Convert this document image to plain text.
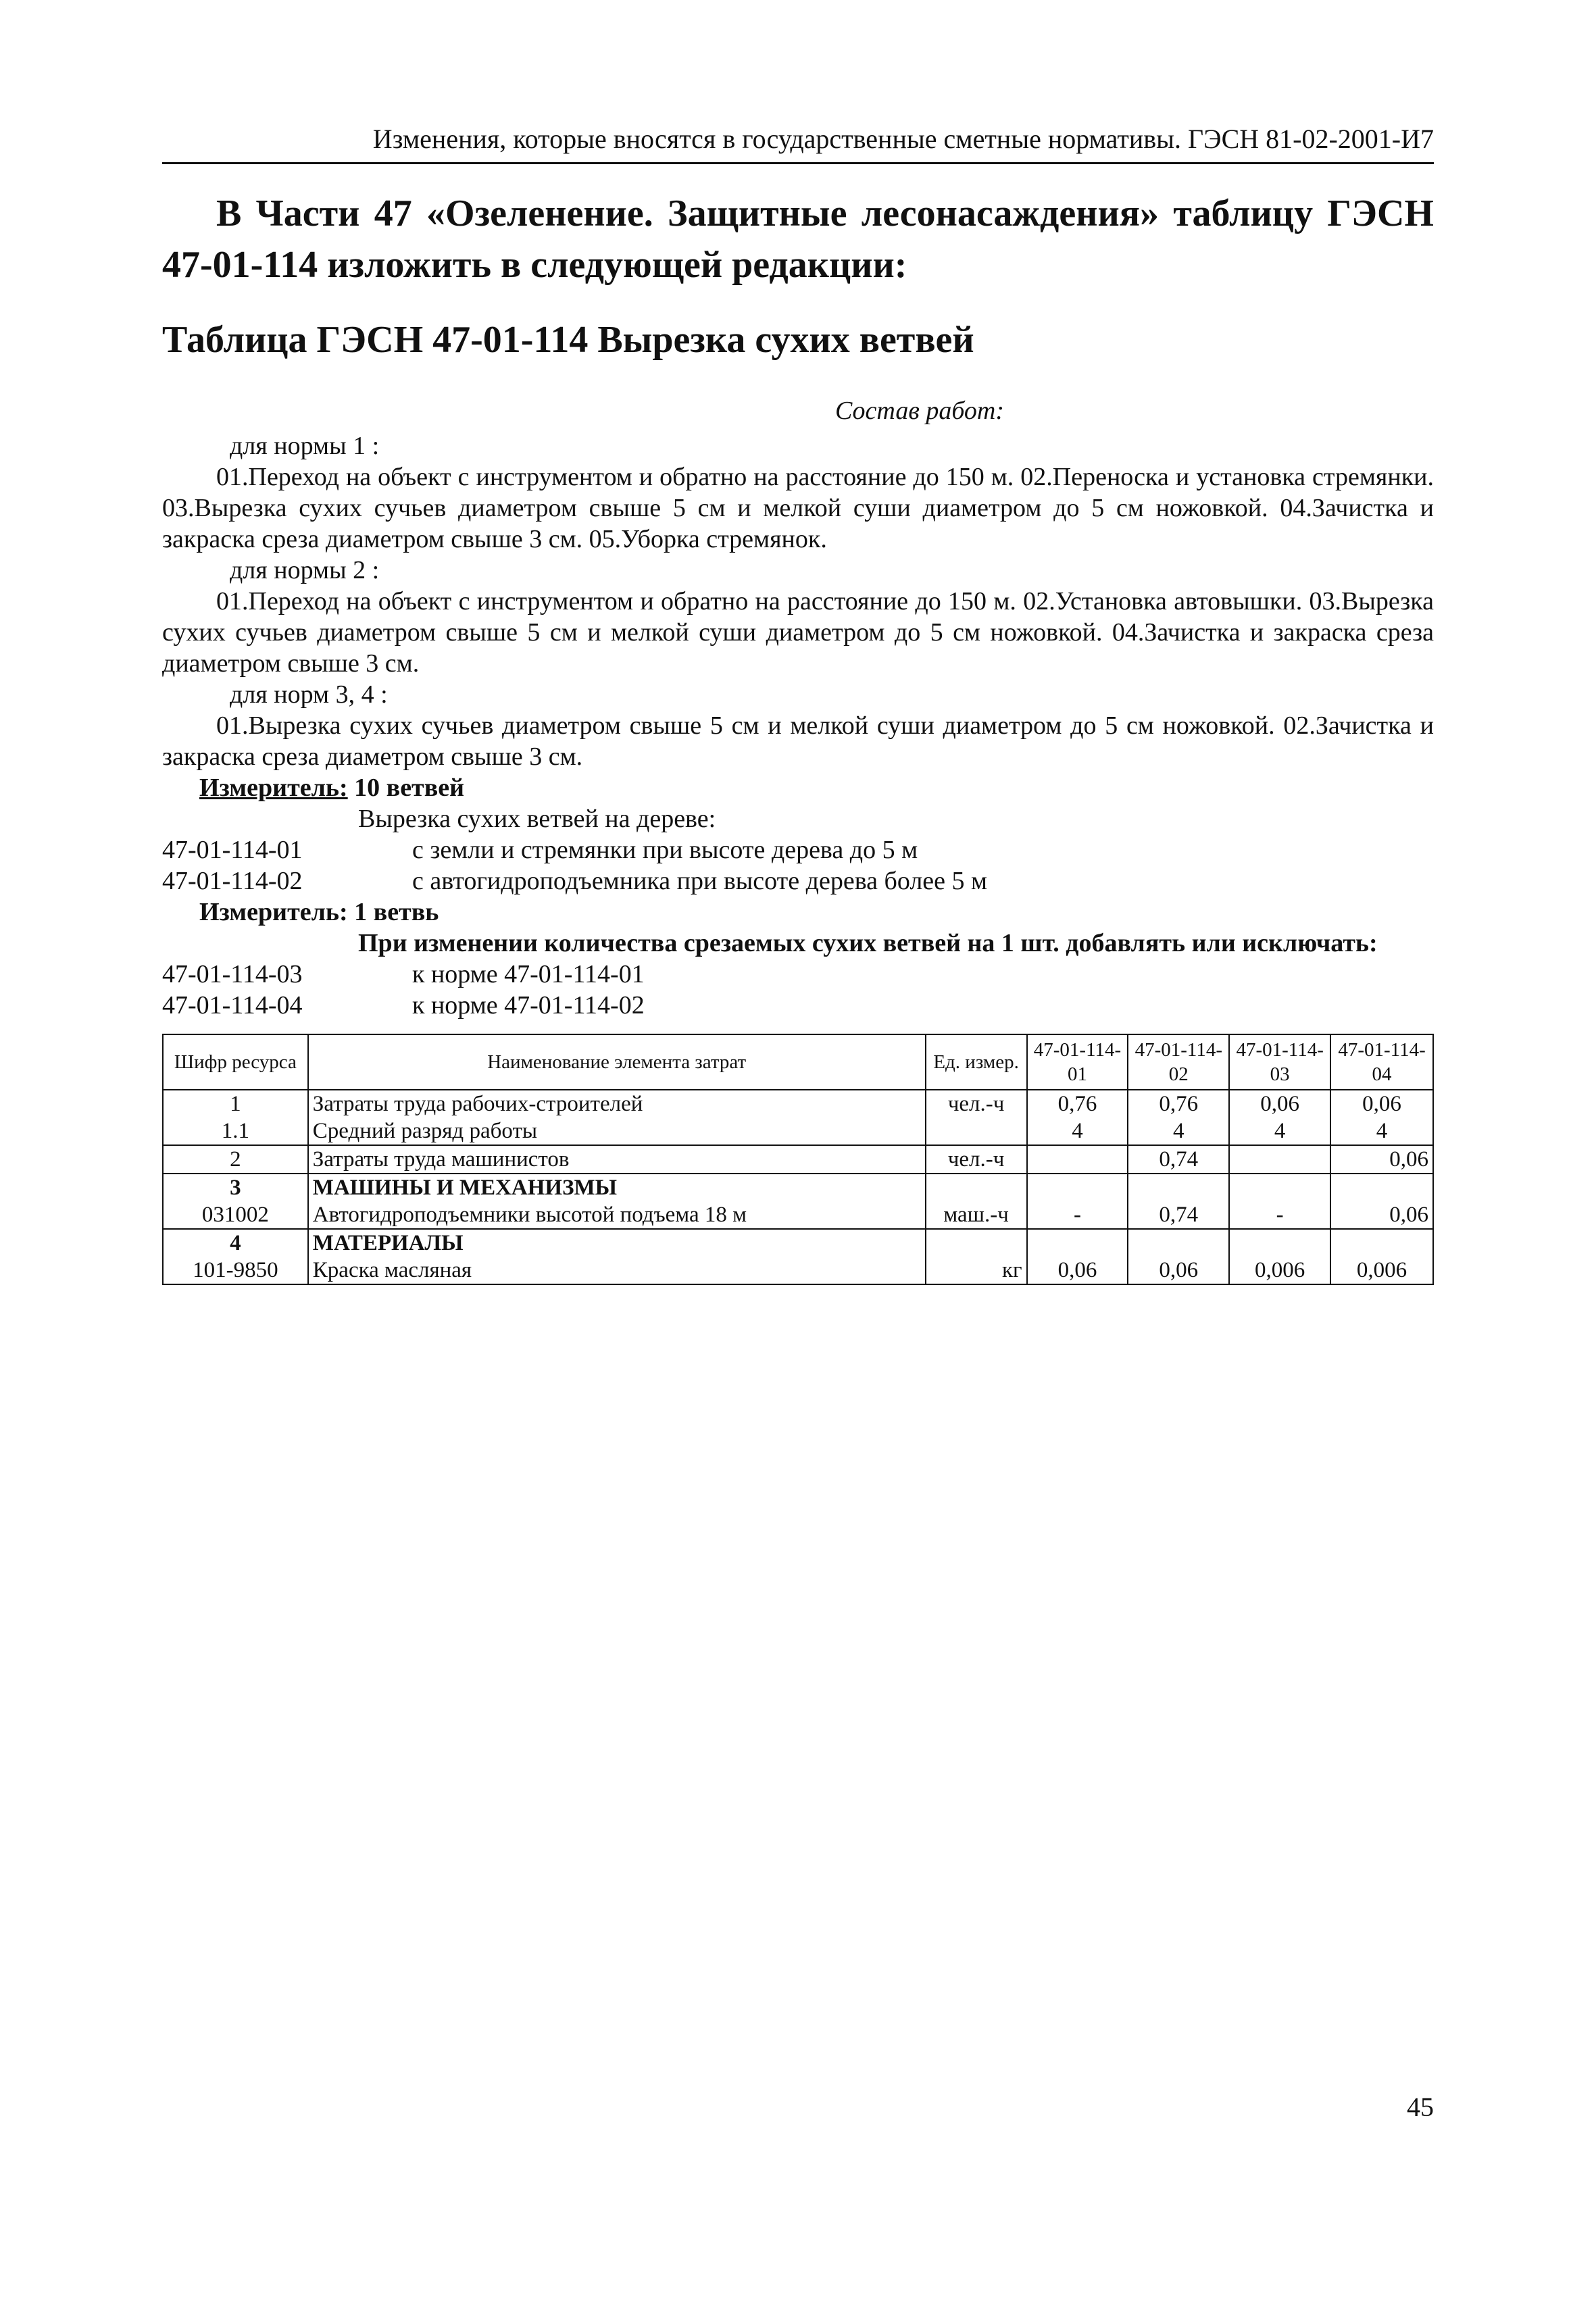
Изменения, которые вносятся в государственные сметные нормативы. ГЭСН 81-02-2001-И7
В Части 47 «Озеленение. Защитные лесонасаждения» таблицу ГЭСН 47-01-114 изложить в следующей редакции:
Таблица ГЭСН 47-01-114 Вырезка сухих ветвей
Состав работ:
для нормы 1 :
01.Переход на объект с инструментом и обратно на расстояние до 150 м. 02.Переноска и установка стремянки. 03.Вырезка сухих сучьев диаметром свыше 5 см и мелкой суши диаметром до 5 см ножовкой. 04.Зачистка и закраска среза диаметром свыше 3 см. 05.Уборка стремянок.
для нормы 2 :
01.Переход на объект с инструментом и обратно на расстояние до 150 м. 02.Установка автовышки. 03.Вырезка сухих сучьев диаметром свыше 5 см и мелкой суши диаметром до 5 см ножовкой. 04.Зачистка и закраска среза диаметром свыше 3 см.
для норм 3, 4 :
01.Вырезка сухих сучьев диаметром свыше 5 см и мелкой суши диаметром до 5 см ножовкой. 02.Зачистка и закраска среза диаметром свыше 3 см.
Измеритель: 10 ветвей
Вырезка сухих ветвей на дереве:
47-01-114-01	с земли и стремянки при высоте дерева до 5 м
47-01-114-02	с автогидроподъемника при высоте дерева более 5 м
Измеритель: 1 ветвь
При изменении количества срезаемых сухих ветвей на 1 шт. добавлять или исключать:
47-01-114-03	к норме 47-01-114-01
47-01-114-04	к норме 47-01-114-02
Шифр ресурса	Наименование элемента затрат	Ед. измер.	47-01-114-01	47-01-114-02	47-01-114-03	47-01-114-04
1	Затраты труда рабочих-строителей	чел.-ч	0,76	0,76	0,06	0,06
1.1	Средний разряд работы		4	4	4	4
2	Затраты труда машинистов	чел.-ч		0,74		0,06
3	МАШИНЫ И МЕХАНИЗМЫ					
031002	Автогидроподъемники высотой подъема 18 м	маш.-ч	-	0,74	-	0,06
4	МАТЕРИАЛЫ					
101-9850	Краска масляная	кг	0,06	0,06	0,006	0,006
45
